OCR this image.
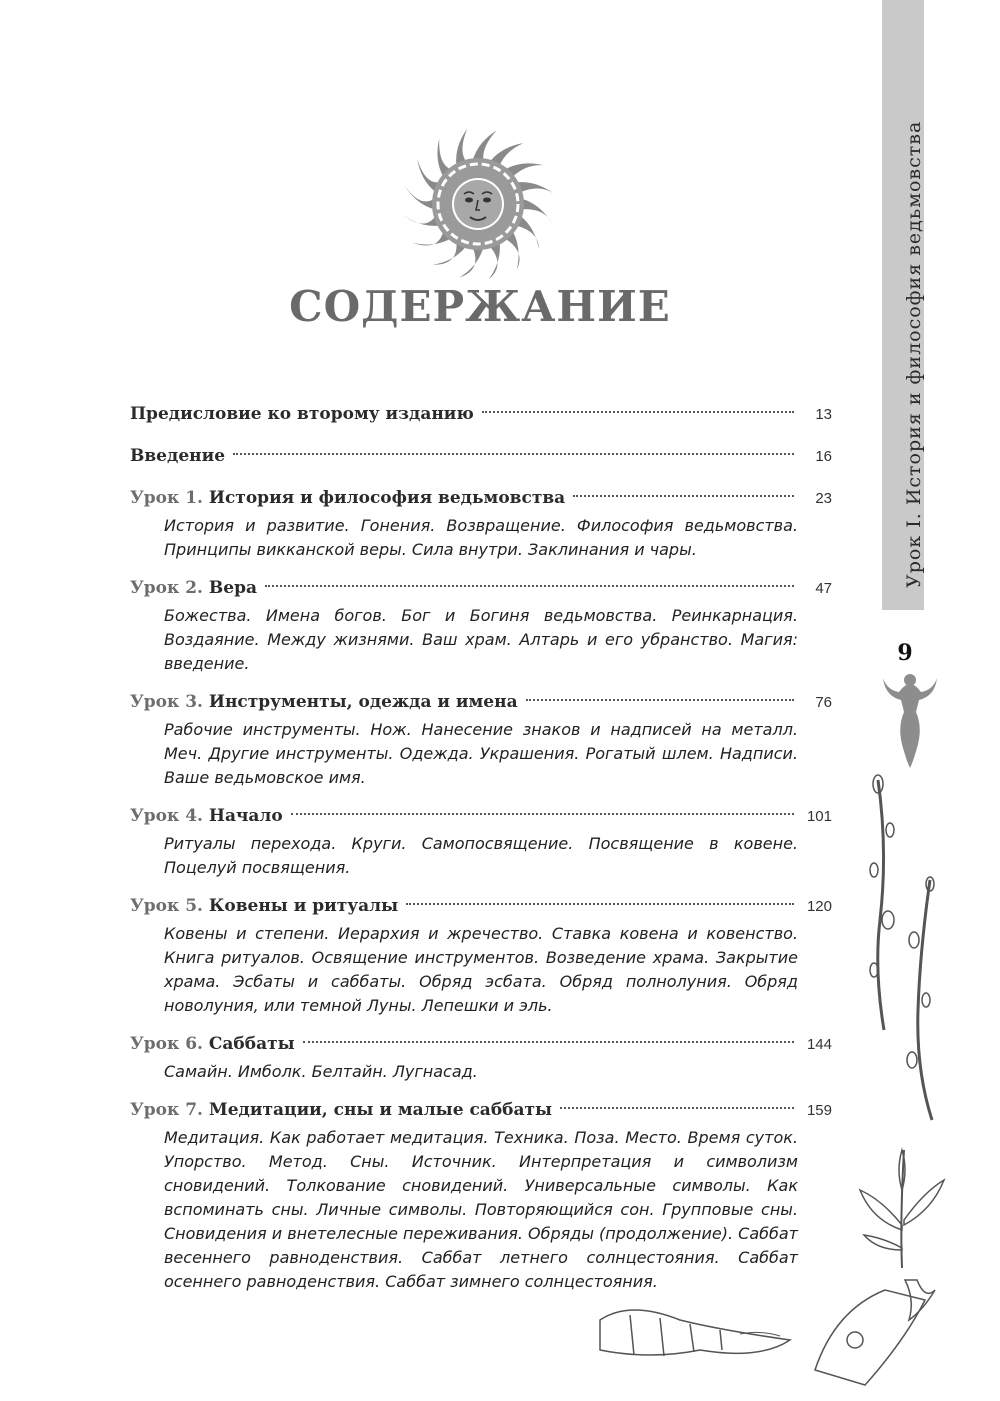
Урок I. История и философия ведьмовства
9
СОДЕРЖАНИЕ
Предисловие ко второму изданию	13
Введение	16
Урок 1. История и философия ведьмовства	23
История и развитие. Гонения. Возвращение. Философия ведьмовства. Принципы викканской веры. Сила внутри. Заклинания и чары.
Урок 2. Вера	47
Божества. Имена богов. Бог и Богиня ведьмовства. Реинкарнация. Воздаяние. Между жизнями. Ваш храм. Алтарь и его убранство. Магия: введение.
Урок 3. Инструменты, одежда и имена	76
Рабочие инструменты. Нож. Нанесение знаков и надписей на металл. Меч. Другие инструменты. Одежда. Украшения. Рогатый шлем. Надписи. Ваше ведьмовское имя.
Урок 4. Начало	101
Ритуалы перехода. Круги. Самопосвящение. Посвящение в ковене. Поцелуй посвящения.
Урок 5. Ковены и ритуалы	120
Ковены и степени. Иерархия и жречество. Ставка ковена и ковенство. Книга ритуалов. Освящение инструментов. Возведение храма. Закрытие храма. Эсбаты и саббаты. Обряд эсбата. Обряд полнолуния. Обряд новолуния, или темной Луны. Лепешки и эль.
Урок 6. Саббаты	144
Самайн. Имболк. Белтайн. Лугнасад.
Урок 7. Медитации, сны и малые саббаты	159
Медитация. Как работает медитация. Техника. Поза. Место. Время суток. Упорство. Метод. Сны. Источник. Интерпретация и символизм сновидений. Толкование сновидений. Универсальные символы. Как вспоминать сны. Личные символы. Повторяющийся сон. Групповые сны. Сновидения и внетелесные переживания. Обряды (продолжение). Саббат весеннего равноденствия. Саббат летнего солнцестояния. Саббат осеннего равноденствия. Саббат зимнего солнцестояния.
